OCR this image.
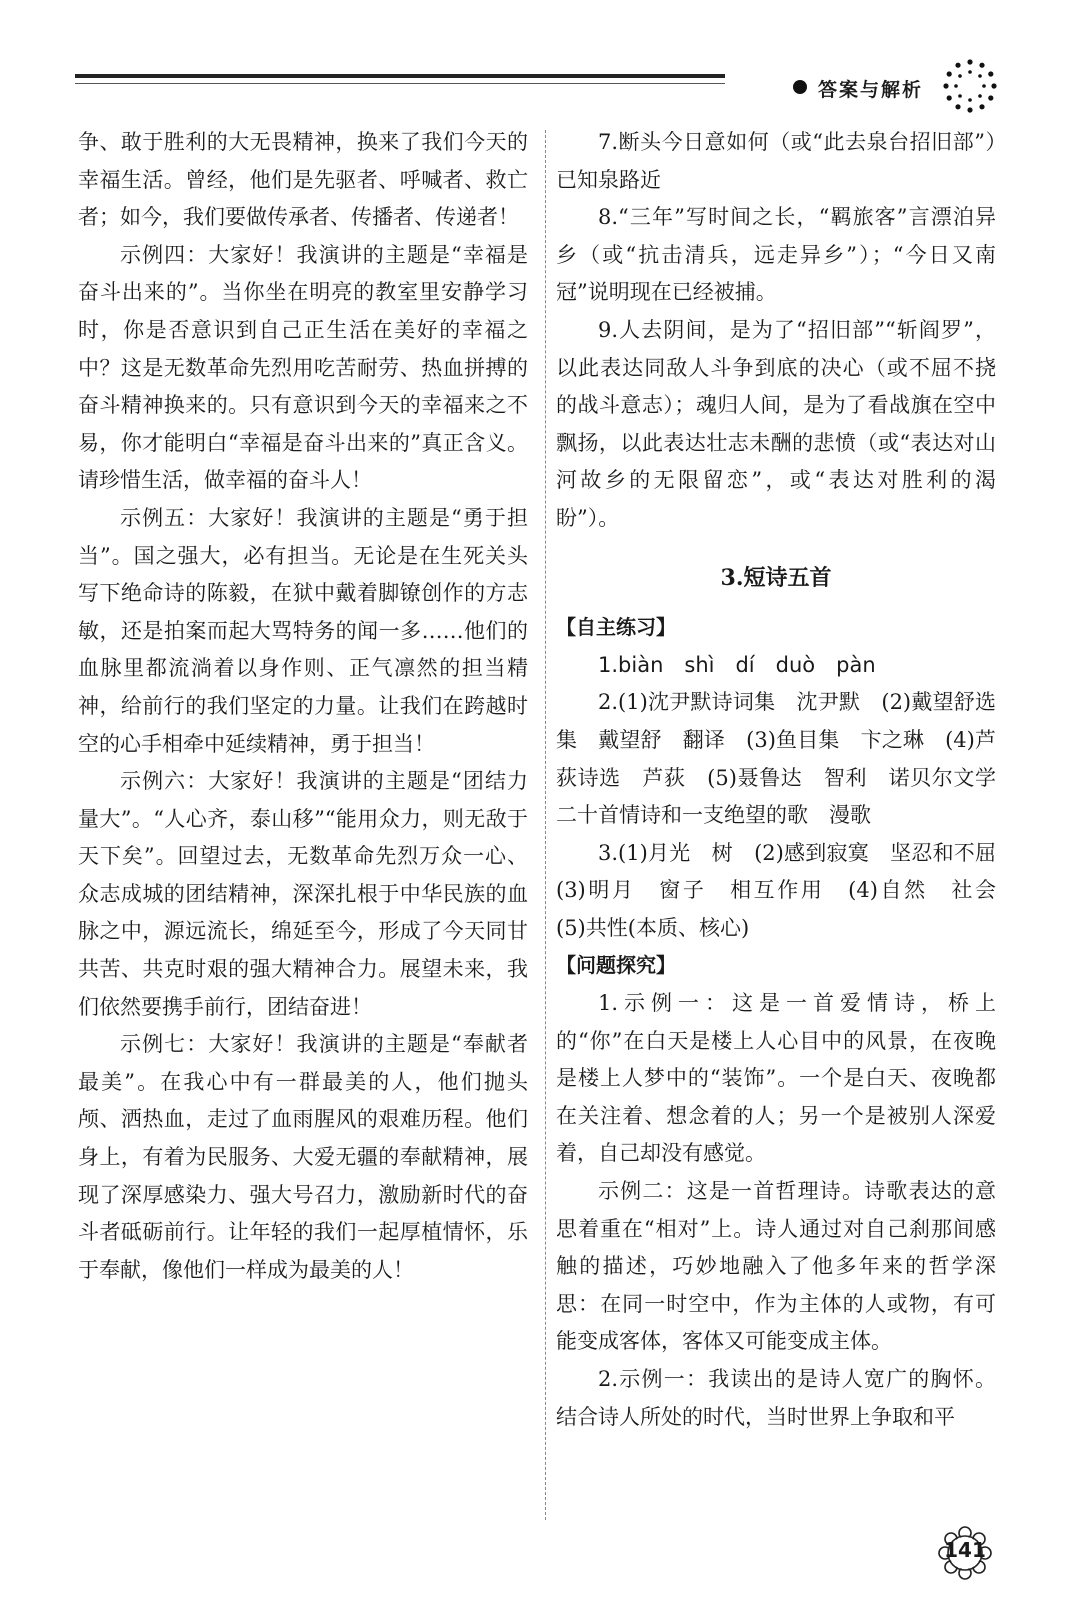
答案与解析

争、敢于胜利的大无畏精神，换来了我们今天的幸福生活。曾经，他们是先驱者、呼喊者、救亡者；如今，我们要做传承者、传播者、传递者！

示例四：大家好！我演讲的主题是“幸福是奋斗出来的”。当你坐在明亮的教室里安静学习时，你是否意识到自己正生活在美好的幸福之中？这是无数革命先烈用吃苦耐劳、热血拼搏的奋斗精神换来的。只有意识到今天的幸福来之不易，你才能明白“幸福是奋斗出来的”真正含义。请珍惜生活，做幸福的奋斗人！

示例五：大家好！我演讲的主题是“勇于担当”。国之强大，必有担当。无论是在生死关头写下绝命诗的陈毅，在狱中戴着脚镣创作的方志敏，还是拍案而起大骂特务的闻一多……他们的血脉里都流淌着以身作则、正气凛然的担当精神，给前行的我们坚定的力量。让我们在跨越时空的心手相牵中延续精神，勇于担当！

示例六：大家好！我演讲的主题是“团结力量大”。“人心齐，泰山移”“能用众力，则无敌于天下矣”。回望过去，无数革命先烈万众一心、众志成城的团结精神，深深扎根于中华民族的血脉之中，源远流长，绵延至今，形成了今天同甘共苦、共克时艰的强大精神合力。展望未来，我们依然要携手前行，团结奋进！

示例七：大家好！我演讲的主题是“奉献者最美”。在我心中有一群最美的人，他们抛头颅、洒热血，走过了血雨腥风的艰难历程。他们身上，有着为民服务、大爱无疆的奉献精神，展现了深厚感染力、强大号召力，激励新时代的奋斗者砥砺前行。让年轻的我们一起厚植情怀，乐于奉献，像他们一样成为最美的人！

7.断头今日意如何（或“此去泉台招旧部”）　已知泉路近

8.“三年”写时间之长，“羁旅客”言漂泊异乡（或“抗击清兵，远走异乡”）；“今日又南冠”说明现在已经被捕。

9.人去阴间，是为了“招旧部”“斩阎罗”，以此表达同敌人斗争到底的决心（或不屈不挠的战斗意志）；魂归人间，是为了看战旗在空中飘扬，以此表达壮志未酬的悲愤（或“表达对山河故乡的无限留恋”，或“表达对胜利的渴盼”）。

3.短诗五首

【自主练习】

1.biàn　shì　dí　duò　pàn

2.(1)沈尹默诗词集　沈尹默　(2)戴望舒选集　戴望舒　翻译　(3)鱼目集　卞之琳　(4)芦荻诗选　芦荻　(5)聂鲁达　智利　诺贝尔文学　二十首情诗和一支绝望的歌　漫歌

3.(1)月光　树　(2)感到寂寞　坚忍和不屈　(3)明月　窗子　相互作用　(4)自然　社会　(5)共性(本质、核心)

【问题探究】

1.示例一：这是一首爱情诗，桥上的“你”在白天是楼上人心目中的风景，在夜晚是楼上人梦中的“装饰”。一个是白天、夜晚都在关注着、想念着的人；另一个是被别人深爱着，自己却没有感觉。

示例二：这是一首哲理诗。诗歌表达的意思着重在“相对”上。诗人通过对自己刹那间感触的描述，巧妙地融入了他多年来的哲学深思：在同一时空中，作为主体的人或物，有可能变成客体，客体又可能变成主体。

2.示例一：我读出的是诗人宽广的胸怀。结合诗人所处的时代，当时世界上争取和平

141
